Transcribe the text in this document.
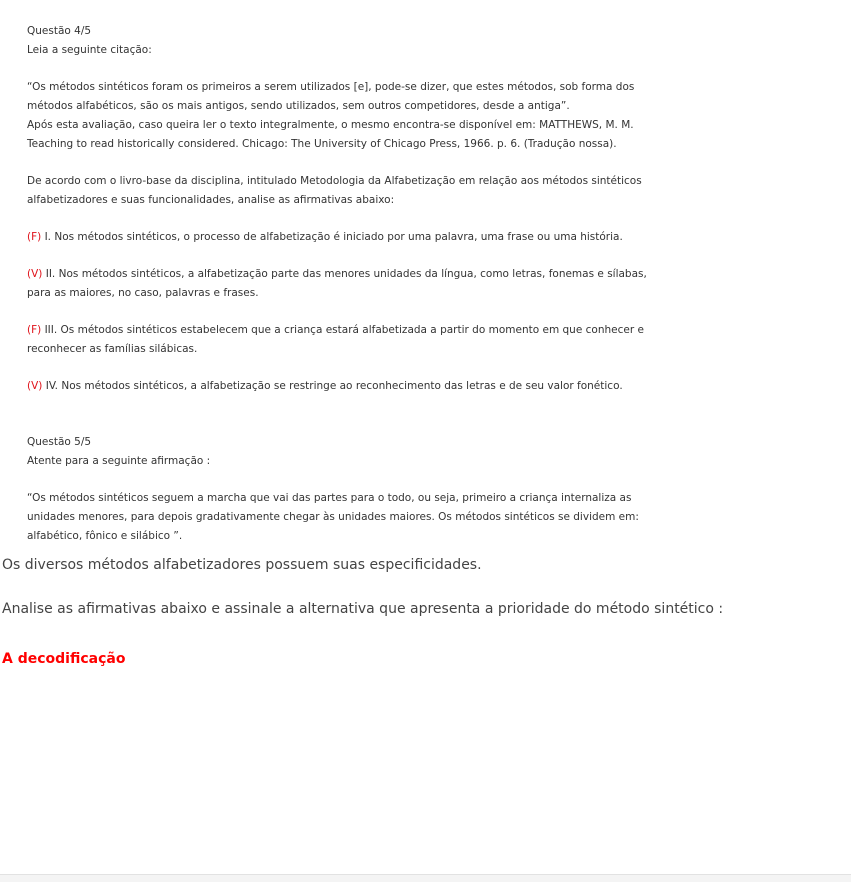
Questão 4/5
Leia a seguinte citação:
“Os métodos sintéticos foram os primeiros a serem utilizados [e], pode-se dizer, que estes métodos, sob forma dos
métodos alfabéticos, são os mais antigos, sendo utilizados, sem outros competidores, desde a antiga”.
Após esta avaliação, caso queira ler o texto integralmente, o mesmo encontra-se disponível em: MATTHEWS, M. M.
Teaching to read historically considered. Chicago: The University of Chicago Press, 1966. p. 6. (Tradução nossa).
De acordo com o livro-base da disciplina, intitulado Metodologia da Alfabetização em relação aos métodos sintéticos
alfabetizadores e suas funcionalidades, analise as afirmativas abaixo:
(F) I. Nos métodos sintéticos, o processo de alfabetização é iniciado por uma palavra, uma frase ou uma história.
(V) II. Nos métodos sintéticos, a alfabetização parte das menores unidades da língua, como letras, fonemas e sílabas,
para as maiores, no caso, palavras e frases.
(F) III. Os métodos sintéticos estabelecem que a criança estará alfabetizada a partir do momento em que conhecer e
reconhecer as famílias silábicas.
(V) IV. Nos métodos sintéticos, a alfabetização se restringe ao reconhecimento das letras e de seu valor fonético.
Questão 5/5
Atente para a seguinte afirmação :
“Os métodos sintéticos seguem a marcha que vai das partes para o todo, ou seja, primeiro a criança internaliza as
unidades menores, para depois gradativamente chegar às unidades maiores. Os métodos sintéticos se dividem em:
alfabético, fônico e silábico ”.
Os diversos métodos alfabetizadores possuem suas especificidades.
Analise as afirmativas abaixo e assinale a alternativa que apresenta a prioridade do método sintético :
A decodificação
